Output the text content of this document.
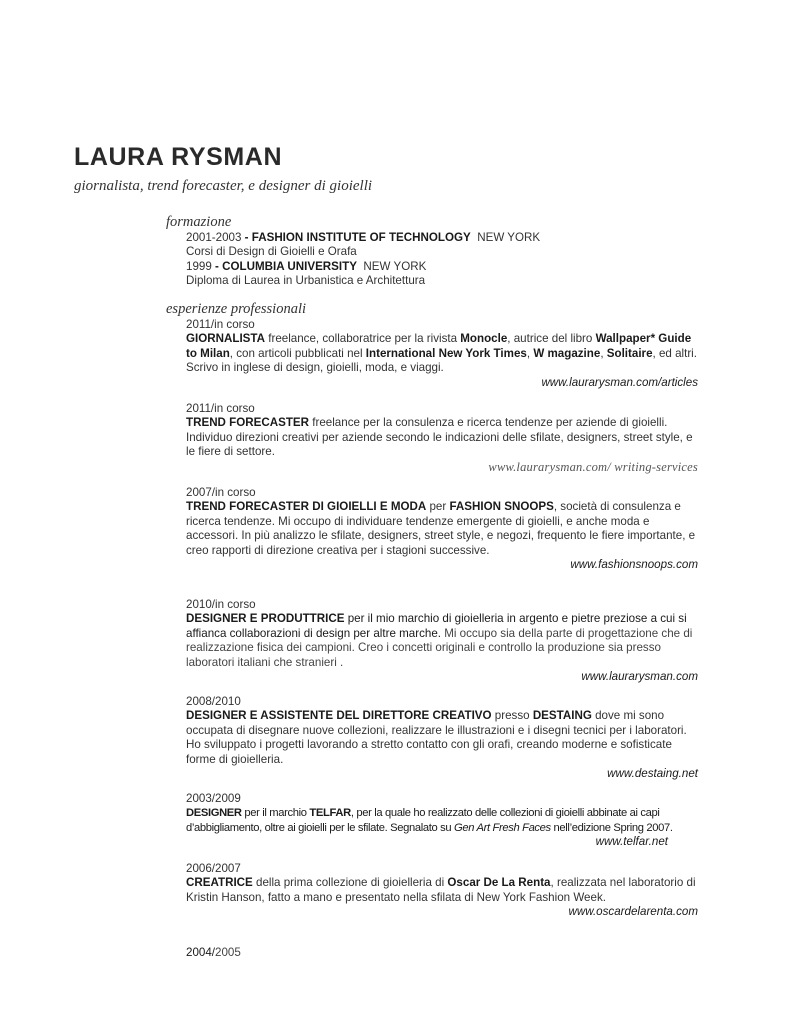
LAURA RYSMAN

giornalista, trend forecaster, e designer di gioielli

formazione

2001-2003 - FASHION INSTITUTE OF TECHNOLOGY NEW YORK

Corsi di Design di Gioielli e Orafa

1999 - COLUMBIA UNIVERSITY NEW YORK

Diploma di Laurea in Urbanistica e Architettura

esperienze professionali
2011/in corso

GIORNALISTA freelance, collaboratrice per la rivista Monocle, autrice del libro Wallpaper* Guide to Milan, con articoli pubblicati nel International New York Times, W magazine, Solitaire, ed altri. Scrivo in inglese di design, gioielli, moda, e viaggi.

www.laurarysman.com/articles
2011/in corso

TREND FORECASTER freelance per la consulenza e ricerca tendenze per aziende di gioielli. Individuo direzioni creativi per aziende secondo le indicazioni delle sfilate, designers, street style, e le fiere di settore.

www.laurarysman.com/ writing-services
2007/in corso

TREND FORECASTER DI GIOIELLI E MODA per FASHION SNOOPS, società di consulenza e ricerca tendenze. Mi occupo di individuare tendenze emergente di gioielli, e anche moda e accessori. In più analizzo le sfilate, designers, street style, e negozi, frequento le fiere importante, e creo rapporti di direzione creativa per i stagioni successive.

www.fashionsnoops.com
2010/in corso

DESIGNER E PRODUTTRICE per il mio marchio di gioielleria in argento e pietre preziose a cui si affianca collaborazioni di design per altre marche. Mi occupo sia della parte di progettazione che di realizzazione fisica dei campioni. Creo i concetti originali e controllo la produzione sia presso laboratori italiani che stranieri .

www.laurarysman.com
2008/2010

DESIGNER E ASSISTENTE DEL DIRETTORE CREATIVO presso DESTAING dove mi sono occupata di disegnare nuove collezioni, realizzare le illustrazioni e i disegni tecnici per i laboratori. Ho sviluppato i progetti lavorando a stretto contatto con gli orafi, creando moderne e sofisticate forme di gioielleria.

www.destaing.net
2003/2009

DESIGNER per il marchio TELFAR, per la quale ho realizzato delle collezioni di gioielli abbinate ai capi d’abbigliamento, oltre ai gioielli per le sfilate. Segnalato su Gen Art Fresh Faces nell’edizione Spring 2007.

www.telfar.net
2006/2007

CREATRICE della prima collezione di gioielleria di Oscar De La Renta, realizzata nel laboratorio di Kristin Hanson, fatto a mano e presentato nella sfilata di New York Fashion Week.

www.oscardelarenta.com
2004/2005
